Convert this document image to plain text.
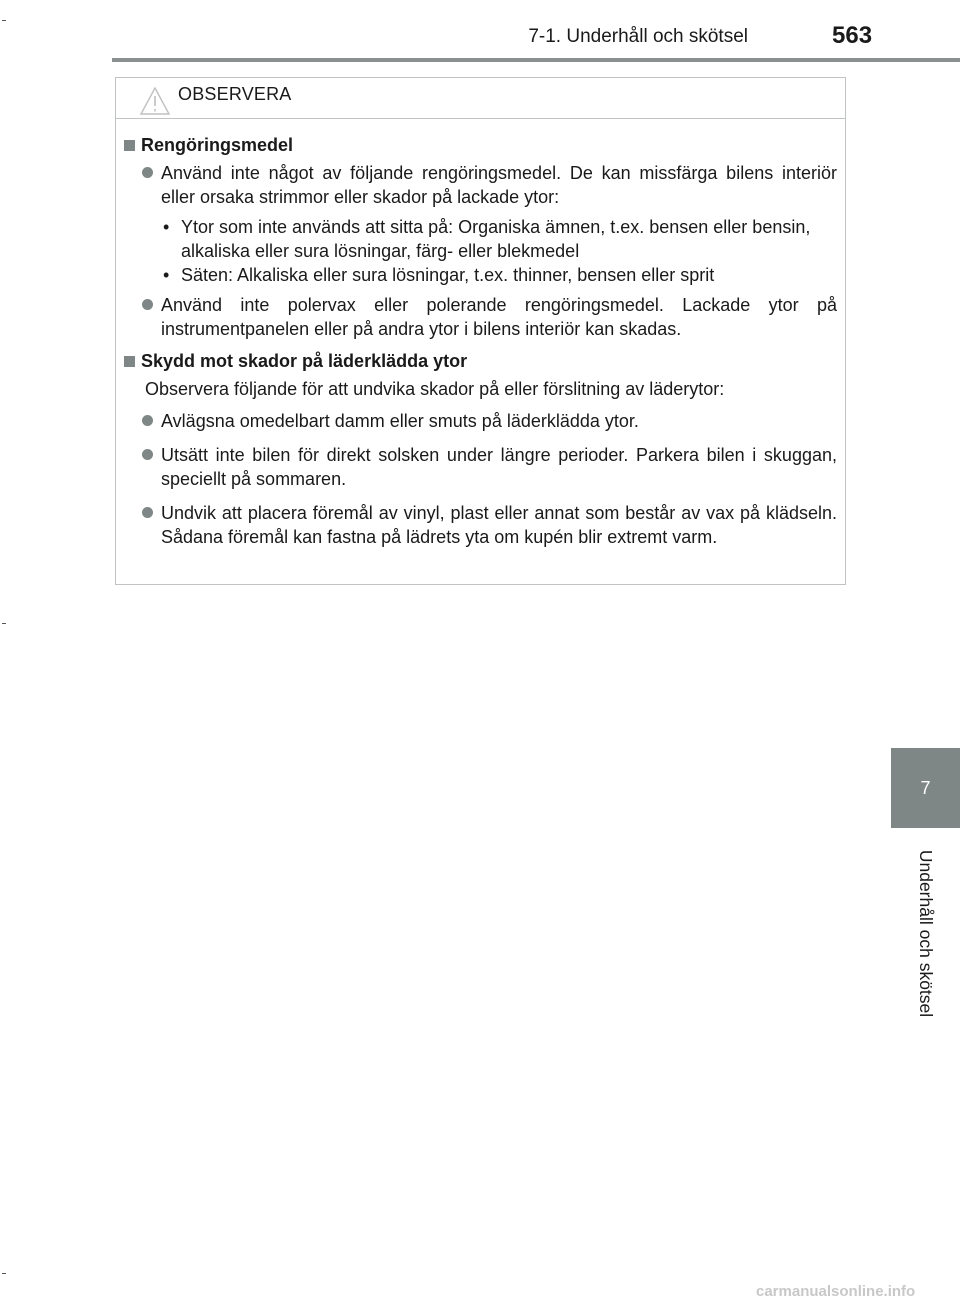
7-1. Underhåll och skötsel	563
7
Underhåll och skötsel
OBSERVERA
Rengöringsmedel
Använd inte något av följande rengöringsmedel. De kan missfärga bilens interiör eller orsaka strimmor eller skador på lackade ytor:
• Ytor som inte används att sitta på: Organiska ämnen, t.ex. bensen eller bensin, alkaliska eller sura lösningar, färg- eller blekmedel
• Säten: Alkaliska eller sura lösningar, t.ex. thinner, bensen eller sprit
Använd inte polervax eller polerande rengöringsmedel. Lackade ytor på instrumentpanelen eller på andra ytor i bilens interiör kan skadas.
Skydd mot skador på läderklädda ytor
Observera följande för att undvika skador på eller förslitning av läderytor:
Avlägsna omedelbart damm eller smuts på läderklädda ytor.
Utsätt inte bilen för direkt solsken under längre perioder. Parkera bilen i skuggan, speciellt på sommaren.
Undvik att placera föremål av vinyl, plast eller annat som består av vax på klädseln. Sådana föremål kan fastna på lädrets yta om kupén blir extremt varm.
carmanualsonline.info
